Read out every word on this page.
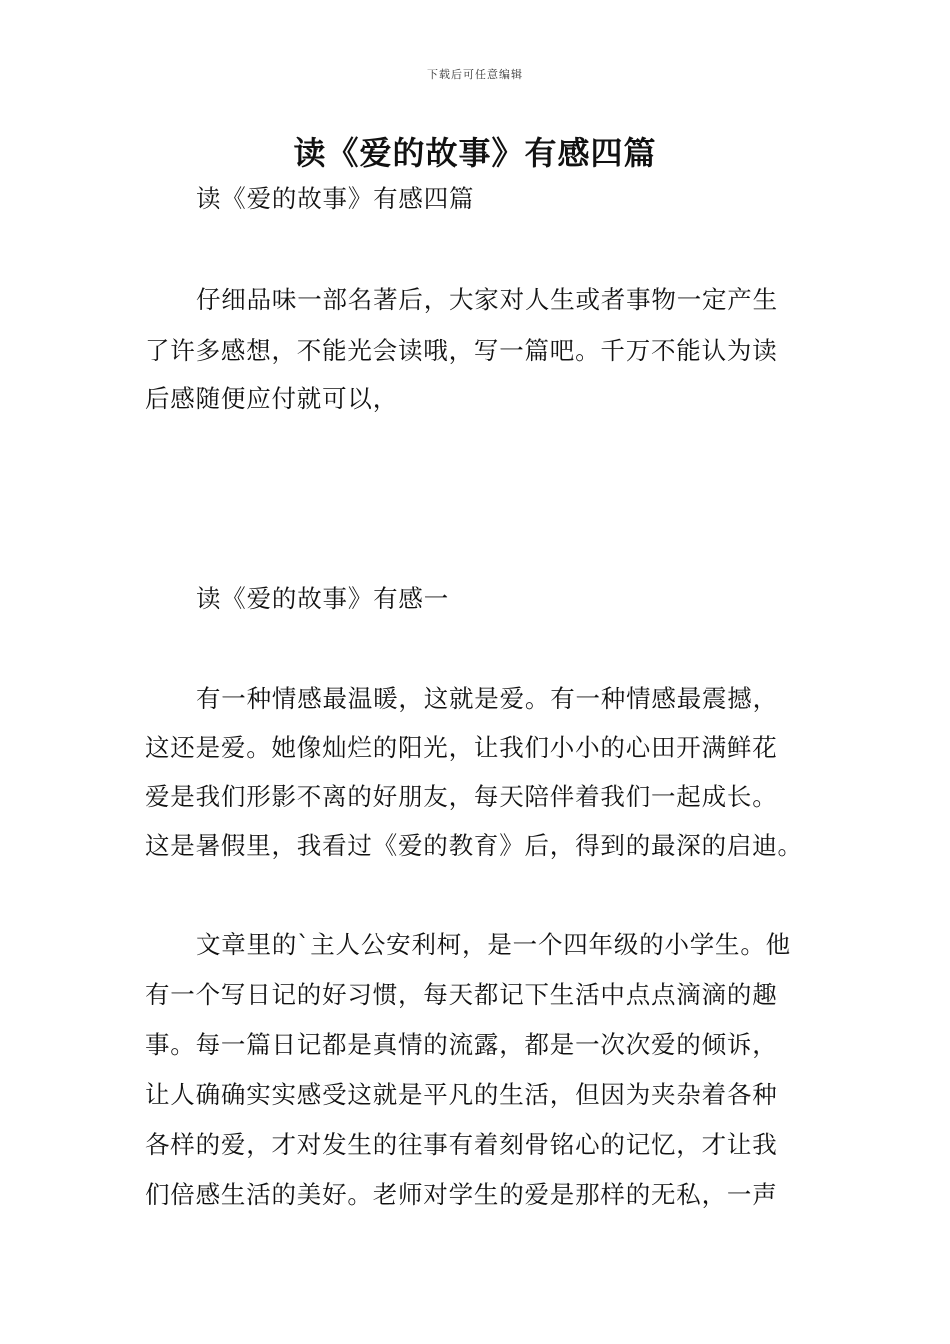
下载后可任意编辑
读《爱的故事》有感四篇
读《爱的故事》有感四篇
仔细品味一部名著后，大家对人生或者事物一定产生
了许多感想，不能光会读哦，写一篇吧。千万不能认为读
后感随便应付就可以，
读《爱的故事》有感一
有一种情感最温暖，这就是爱。有一种情感最震撼，
这还是爱。她像灿烂的阳光，让我们小小的心田开满鲜花
爱是我们形影不离的好朋友，每天陪伴着我们一起成长。
这是暑假里，我看过《爱的教育》后，得到的最深的启迪。
文章里的`主人公安利柯，是一个四年级的小学生。他
有一个写日记的好习惯，每天都记下生活中点点滴滴的趣
事。每一篇日记都是真情的流露，都是一次次爱的倾诉，
让人确确实实感受这就是平凡的生活，但因为夹杂着各种
各样的爱，才对发生的往事有着刻骨铭心的记忆，才让我
们倍感生活的美好。老师对学生的爱是那样的无私，一声
